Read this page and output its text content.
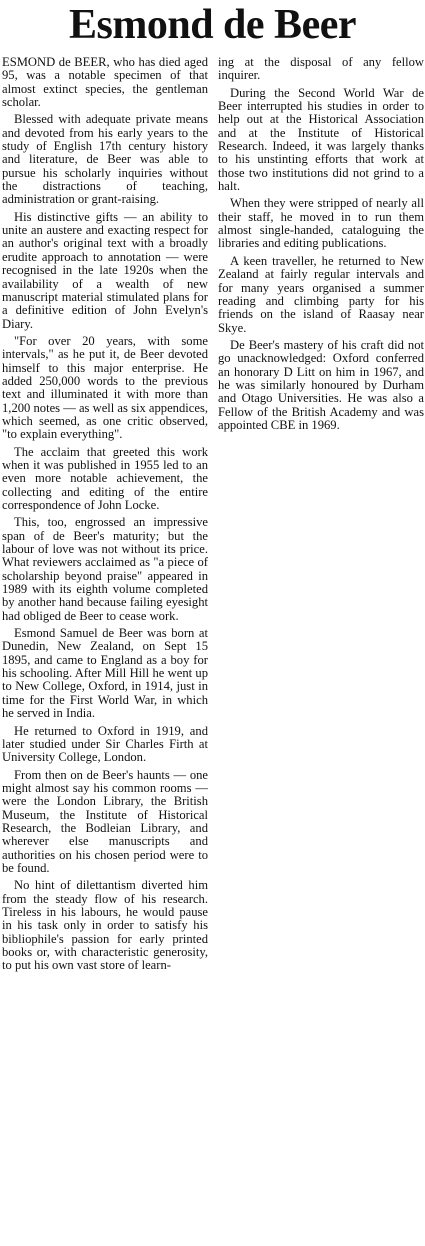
Esmond de Beer

ESMOND de BEER, who has died aged 95, was a notable specimen of that almost extinct species, the gentleman scholar.

Blessed with adequate private means and devoted from his early years to the study of English 17th century history and literature, de Beer was able to pursue his scholarly inquiries without the distractions of teaching, administration or grant-raising.

His distinctive gifts — an ability to unite an austere and exacting respect for an author's original text with a broadly erudite approach to annotation — were recognised in the late 1920s when the availability of a wealth of new manuscript material stimulated plans for a definitive edition of John Evelyn's Diary.

"For over 20 years, with some intervals," as he put it, de Beer devoted himself to this major enterprise. He added 250,000 words to the previous text and illuminated it with more than 1,200 notes — as well as six appendices, which seemed, as one critic observed, "to explain everything".

The acclaim that greeted this work when it was published in 1955 led to an even more notable achievement, the collecting and editing of the entire correspondence of John Locke.

This, too, engrossed an impressive span of de Beer's maturity; but the labour of love was not without its price. What reviewers acclaimed as "a piece of scholarship beyond praise" appeared in 1989 with its eighth volume completed by another hand because failing eyesight had obliged de Beer to cease work.

Esmond Samuel de Beer was born at Dunedin, New Zealand, on Sept 15 1895, and came to England as a boy for his schooling. After Mill Hill he went up to New College, Oxford, in 1914, just in time for the First World War, in which he served in India.

He returned to Oxford in 1919, and later studied under Sir Charles Firth at University College, London.

From then on de Beer's haunts — one might almost say his common rooms — were the London Library, the British Museum, the Institute of Historical Research, the Bodleian Library, and wherever else manuscripts and authorities on his chosen period were to be found.

No hint of dilettantism diverted him from the steady flow of his research. Tireless in his labours, he would pause in his task only in order to satisfy his bibliophile's passion for early printed books or, with characteristic generosity, to put his own vast store of learn-

ing at the disposal of any fellow inquirer.

During the Second World War de Beer interrupted his studies in order to help out at the Historical Association and at the Institute of Historical Research. Indeed, it was largely thanks to his unstinting efforts that work at those two institutions did not grind to a halt.

When they were stripped of nearly all their staff, he moved in to run them almost single-handed, cataloguing the libraries and editing publications.

A keen traveller, he returned to New Zealand at fairly regular intervals and for many years organised a summer reading and climbing party for his friends on the island of Raasay near Skye.

De Beer's mastery of his craft did not go unacknowledged: Oxford conferred an honorary D Litt on him in 1967, and he was similarly honoured by Durham and Otago Universities. He was also a Fellow of the British Academy and was appointed CBE in 1969.
